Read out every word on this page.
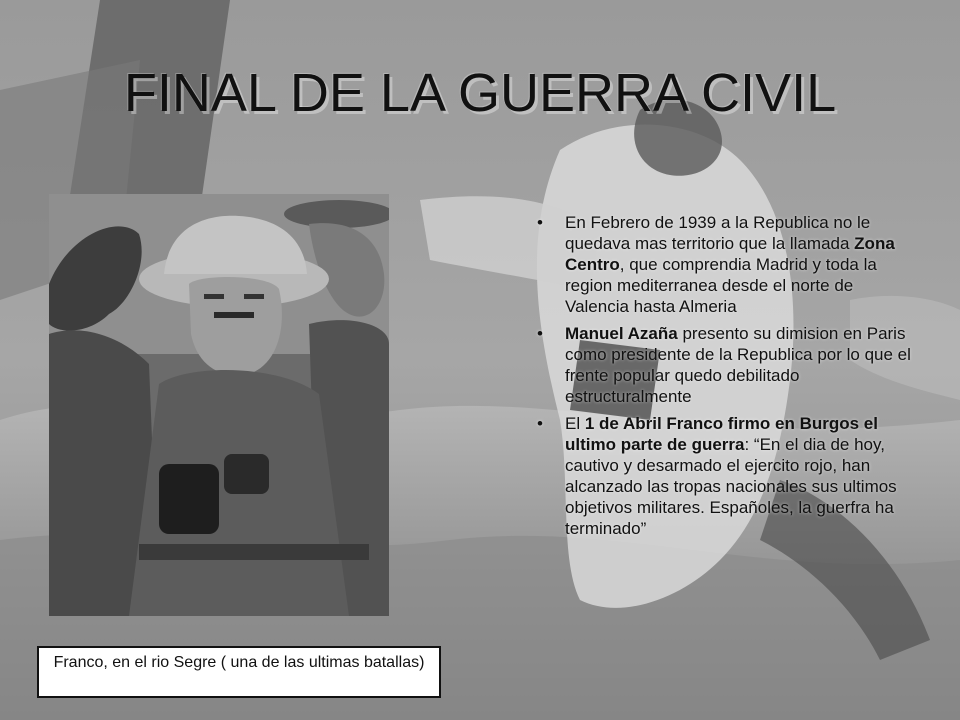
FINAL DE LA GUERRA CIVIL
Franco, en el rio Segre ( una de las ultimas batallas)
• En Febrero de 1939 a la Republica no le quedava mas territorio que la llamada Zona Centro, que comprendia Madrid y toda la region mediterranea desde el norte de Valencia hasta Almeria
• Manuel Azaña presento su dimision en Paris como presidente de la Republica por lo que el frente popular quedo debilitado estructuralmente
• El 1 de Abril Franco firmo en Burgos el ultimo parte de guerra: “En el dia de hoy, cautivo y desarmado el ejercito rojo, han alcanzado las tropas nacionales sus ultimos objetivos militares. Españoles, la guerfra ha terminado”
